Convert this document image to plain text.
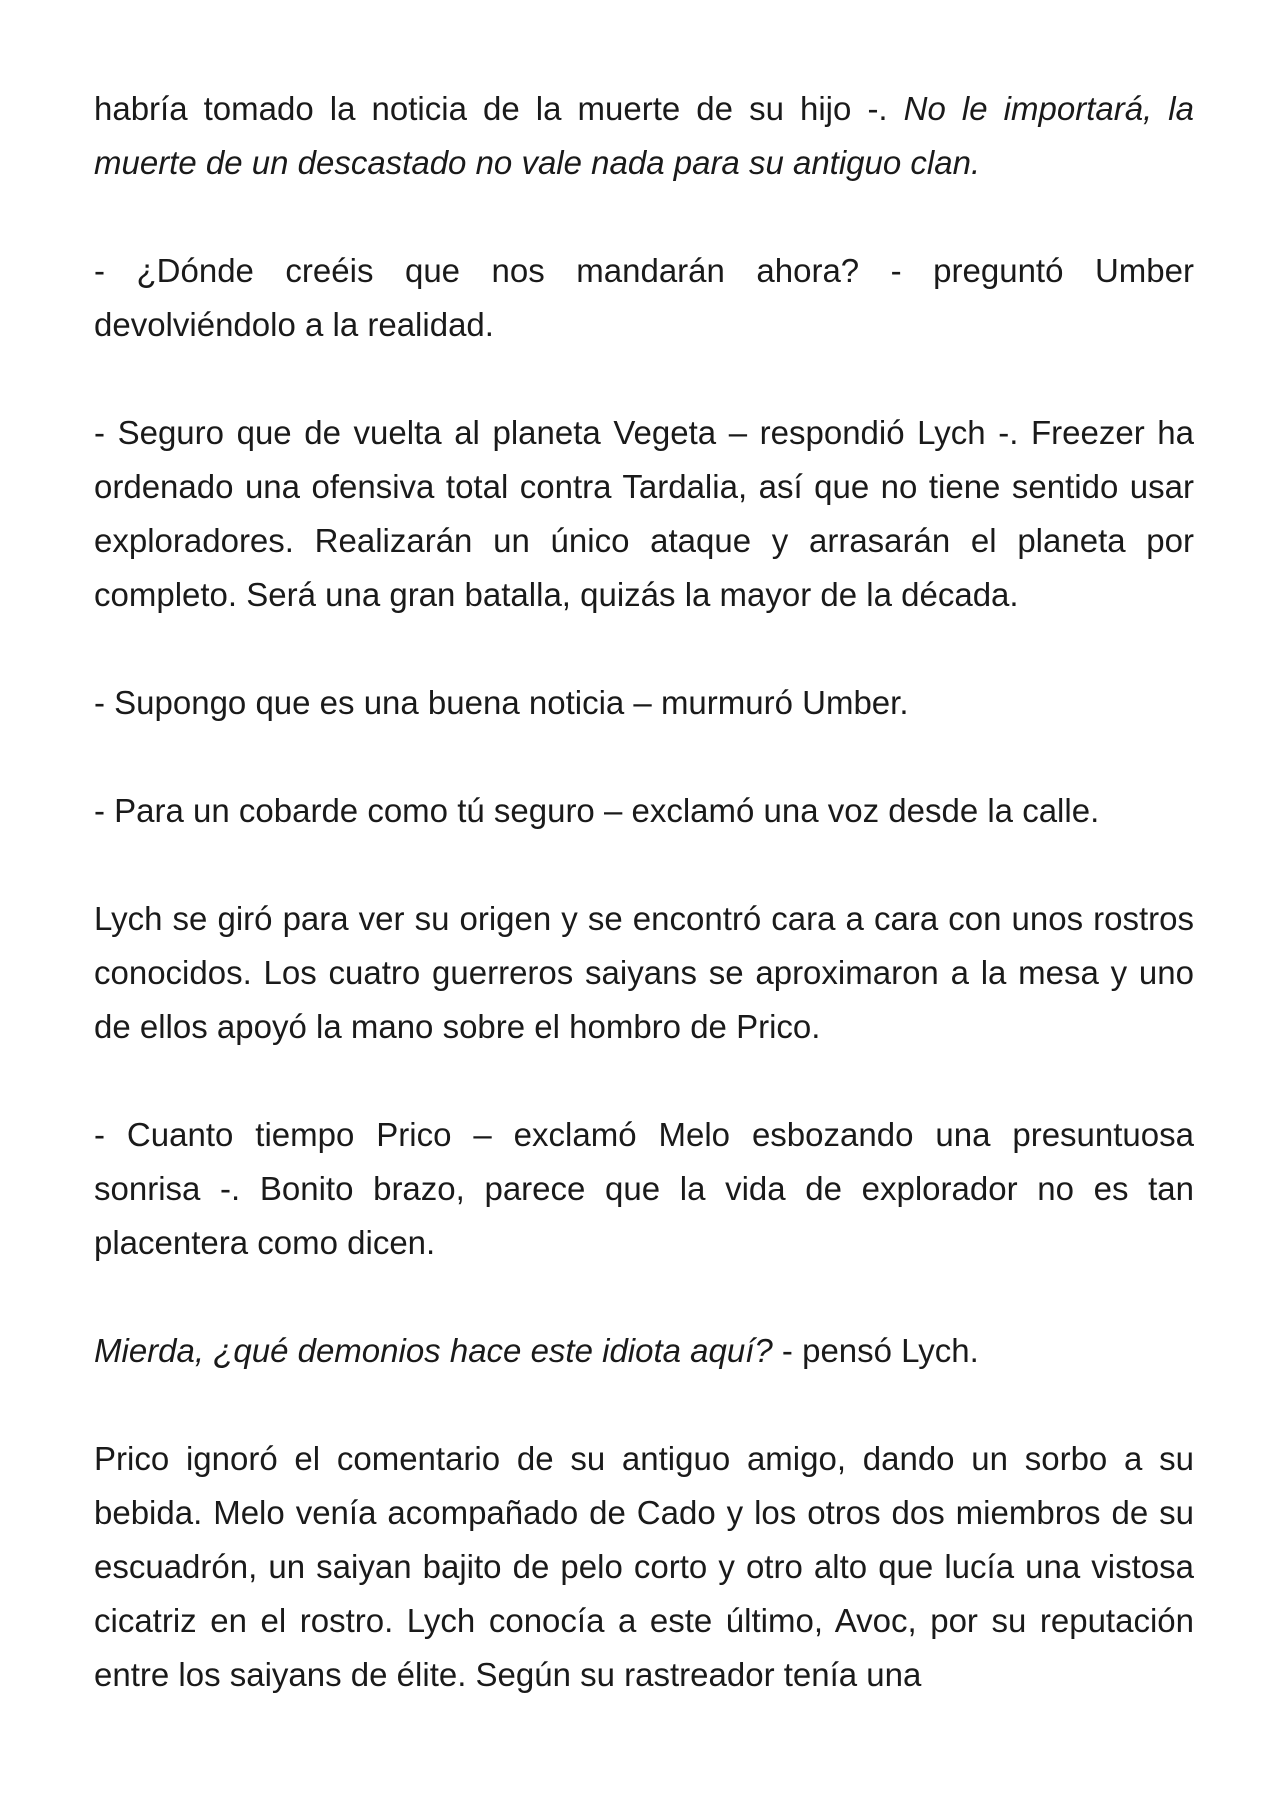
habría tomado la noticia de la muerte de su hijo -. No le importará, la muerte de un descastado no vale nada para su antiguo clan.

- ¿Dónde creéis que nos mandarán ahora? - preguntó Umber devolviéndolo a la realidad.

- Seguro que de vuelta al planeta Vegeta – respondió Lych -. Freezer ha ordenado una ofensiva total contra Tardalia, así que no tiene sentido usar exploradores. Realizarán un único ataque y arrasarán el planeta por completo. Será una gran batalla, quizás la mayor de la década.

- Supongo que es una buena noticia – murmuró Umber.

- Para un cobarde como tú seguro – exclamó una voz desde la calle.

Lych se giró para ver su origen y se encontró cara a cara con unos rostros conocidos. Los cuatro guerreros saiyans se aproximaron a la mesa y uno de ellos apoyó la mano sobre el hombro de Prico.

- Cuanto tiempo Prico – exclamó Melo esbozando una presuntuosa sonrisa -. Bonito brazo, parece que la vida de explorador no es tan placentera como dicen.

Mierda, ¿qué demonios hace este idiota aquí? - pensó Lych.

Prico ignoró el comentario de su antiguo amigo, dando un sorbo a su bebida. Melo venía acompañado de Cado y los otros dos miembros de su escuadrón, un saiyan bajito de pelo corto y otro alto que lucía una vistosa cicatriz en el rostro. Lych conocía a este último, Avoc, por su reputación entre los saiyans de élite. Según su rastreador tenía una
